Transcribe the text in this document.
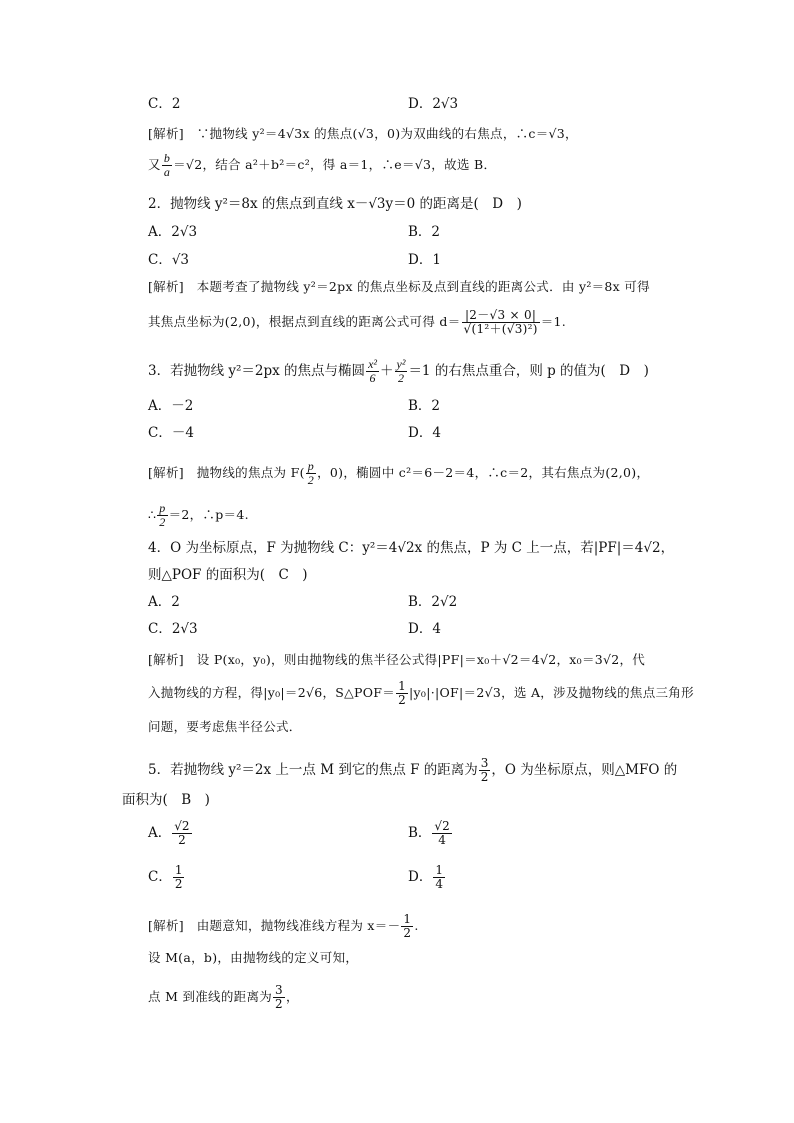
C．2	D．2√3
[解析]　∵抛物线 y²＝4√3x 的焦点(√3，0)为双曲线的右焦点，∴c＝√3，
又 $\frac{b}{a} =√2$，结合 a²＋b²＝c²，得 a＝1，∴e＝√3，故选 B．
2．抛物线 y²＝8x 的焦点到直线 x－√3y＝0 的距离是(　D　)
A．2√3	B．2
C．√3	D．1
[解析]　本题考查了抛物线 y²＝2px 的焦点坐标及点到直线的距离公式．由 y²＝8x 可得
其焦点坐标为(2,0)，根据点到直线的距离公式可得 $d= \frac{|2-√3 \times 0|}{\text{√(1²＋(√3)²)}} =1$.
3．若抛物线 y²＝2px 的焦点与椭圆 $\frac{\text{x²}}{6} + \frac{\text{y²}}{2} =1$ 的右焦点重合，则 p 的值为(　D　)
A．－2	B．2
C．－4	D．4
[解析]　抛物线的焦点为 $F( \frac{p}{2}$ ，0)，椭圆中 c²＝6－2＝4，∴c＝2，其右焦点为(2,0)，
∴ $\frac{p}{2} =2$，∴p＝4.
4．O 为坐标原点，F 为抛物线 C：y²＝4√2x 的焦点，P 为 C 上一点，若|PF|＝4√2，
则△POF 的面积为(　C　)
A．2	B．2√2
C．2√3	D．4
[解析]　设 P(x₀，y₀)，则由抛物线的焦半径公式得|PF|＝x₀＋√2＝4√2，x₀＝3√2，代
入抛物线的方程，得|y₀|＝2√6，S△POF＝ $\frac{1}{2} |y_0|\cdot|OF|=2√3$，选 A，涉及抛物线的焦点三角形
问题，要考虑焦半径公式．
5．若抛物线 y²＝2x 上一点 M 到它的焦点 F 的距离为 $\frac{3}{2}$ ，O 为坐标原点，则△MFO 的
面积为(　B　)
A． $\frac{√2}{2}$	B． $\frac{√2}{4}$
C． $\frac{1}{2}$	D． $\frac{1}{4}$
[解析]　由题意知，抛物线准线方程为 $x=- \frac{1}{2}$ .
设 M(a，b)，由抛物线的定义可知，
点 M 到准线的距离为 $\frac{3}{2}$ ，
